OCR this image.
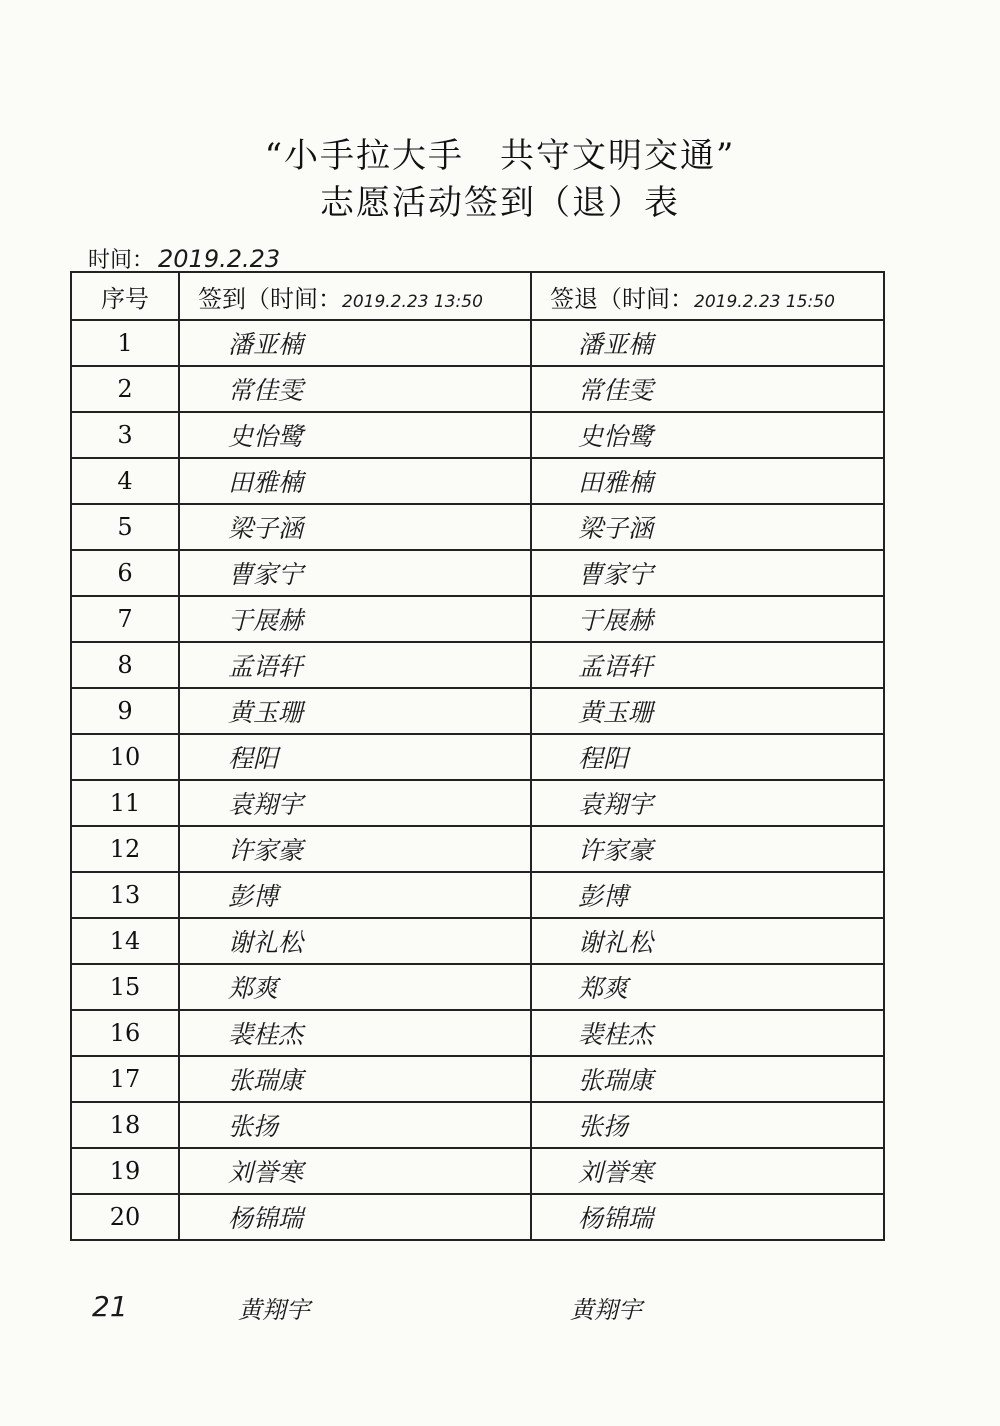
“小手拉大手　共守文明交通”
志愿活动签到（退）表
时间： 2019.2.23
序号	签到（时间：2019.2.23 13:50	签退（时间：2019.2.23 15:50
1	潘亚楠	潘亚楠
2	常佳雯	常佳雯
3	史怡鹭	史怡鹭
4	田雅楠	田雅楠
5	梁子涵	梁子涵
6	曹家宁	曹家宁
7	于展赫	于展赫
8	孟语轩	孟语轩
9	黄玉珊	黄玉珊
10	程阳	程阳
11	袁翔宇	袁翔宇
12	许家豪	许家豪
13	彭博	彭博
14	谢礼松	谢礼松
15	郑爽	郑爽
16	裴桂杰	裴桂杰
17	张瑞康	张瑞康
18	张扬	张扬
19	刘誉寒	刘誉寒
20	杨锦瑞	杨锦瑞
21	黄翔宇	黄翔宇
